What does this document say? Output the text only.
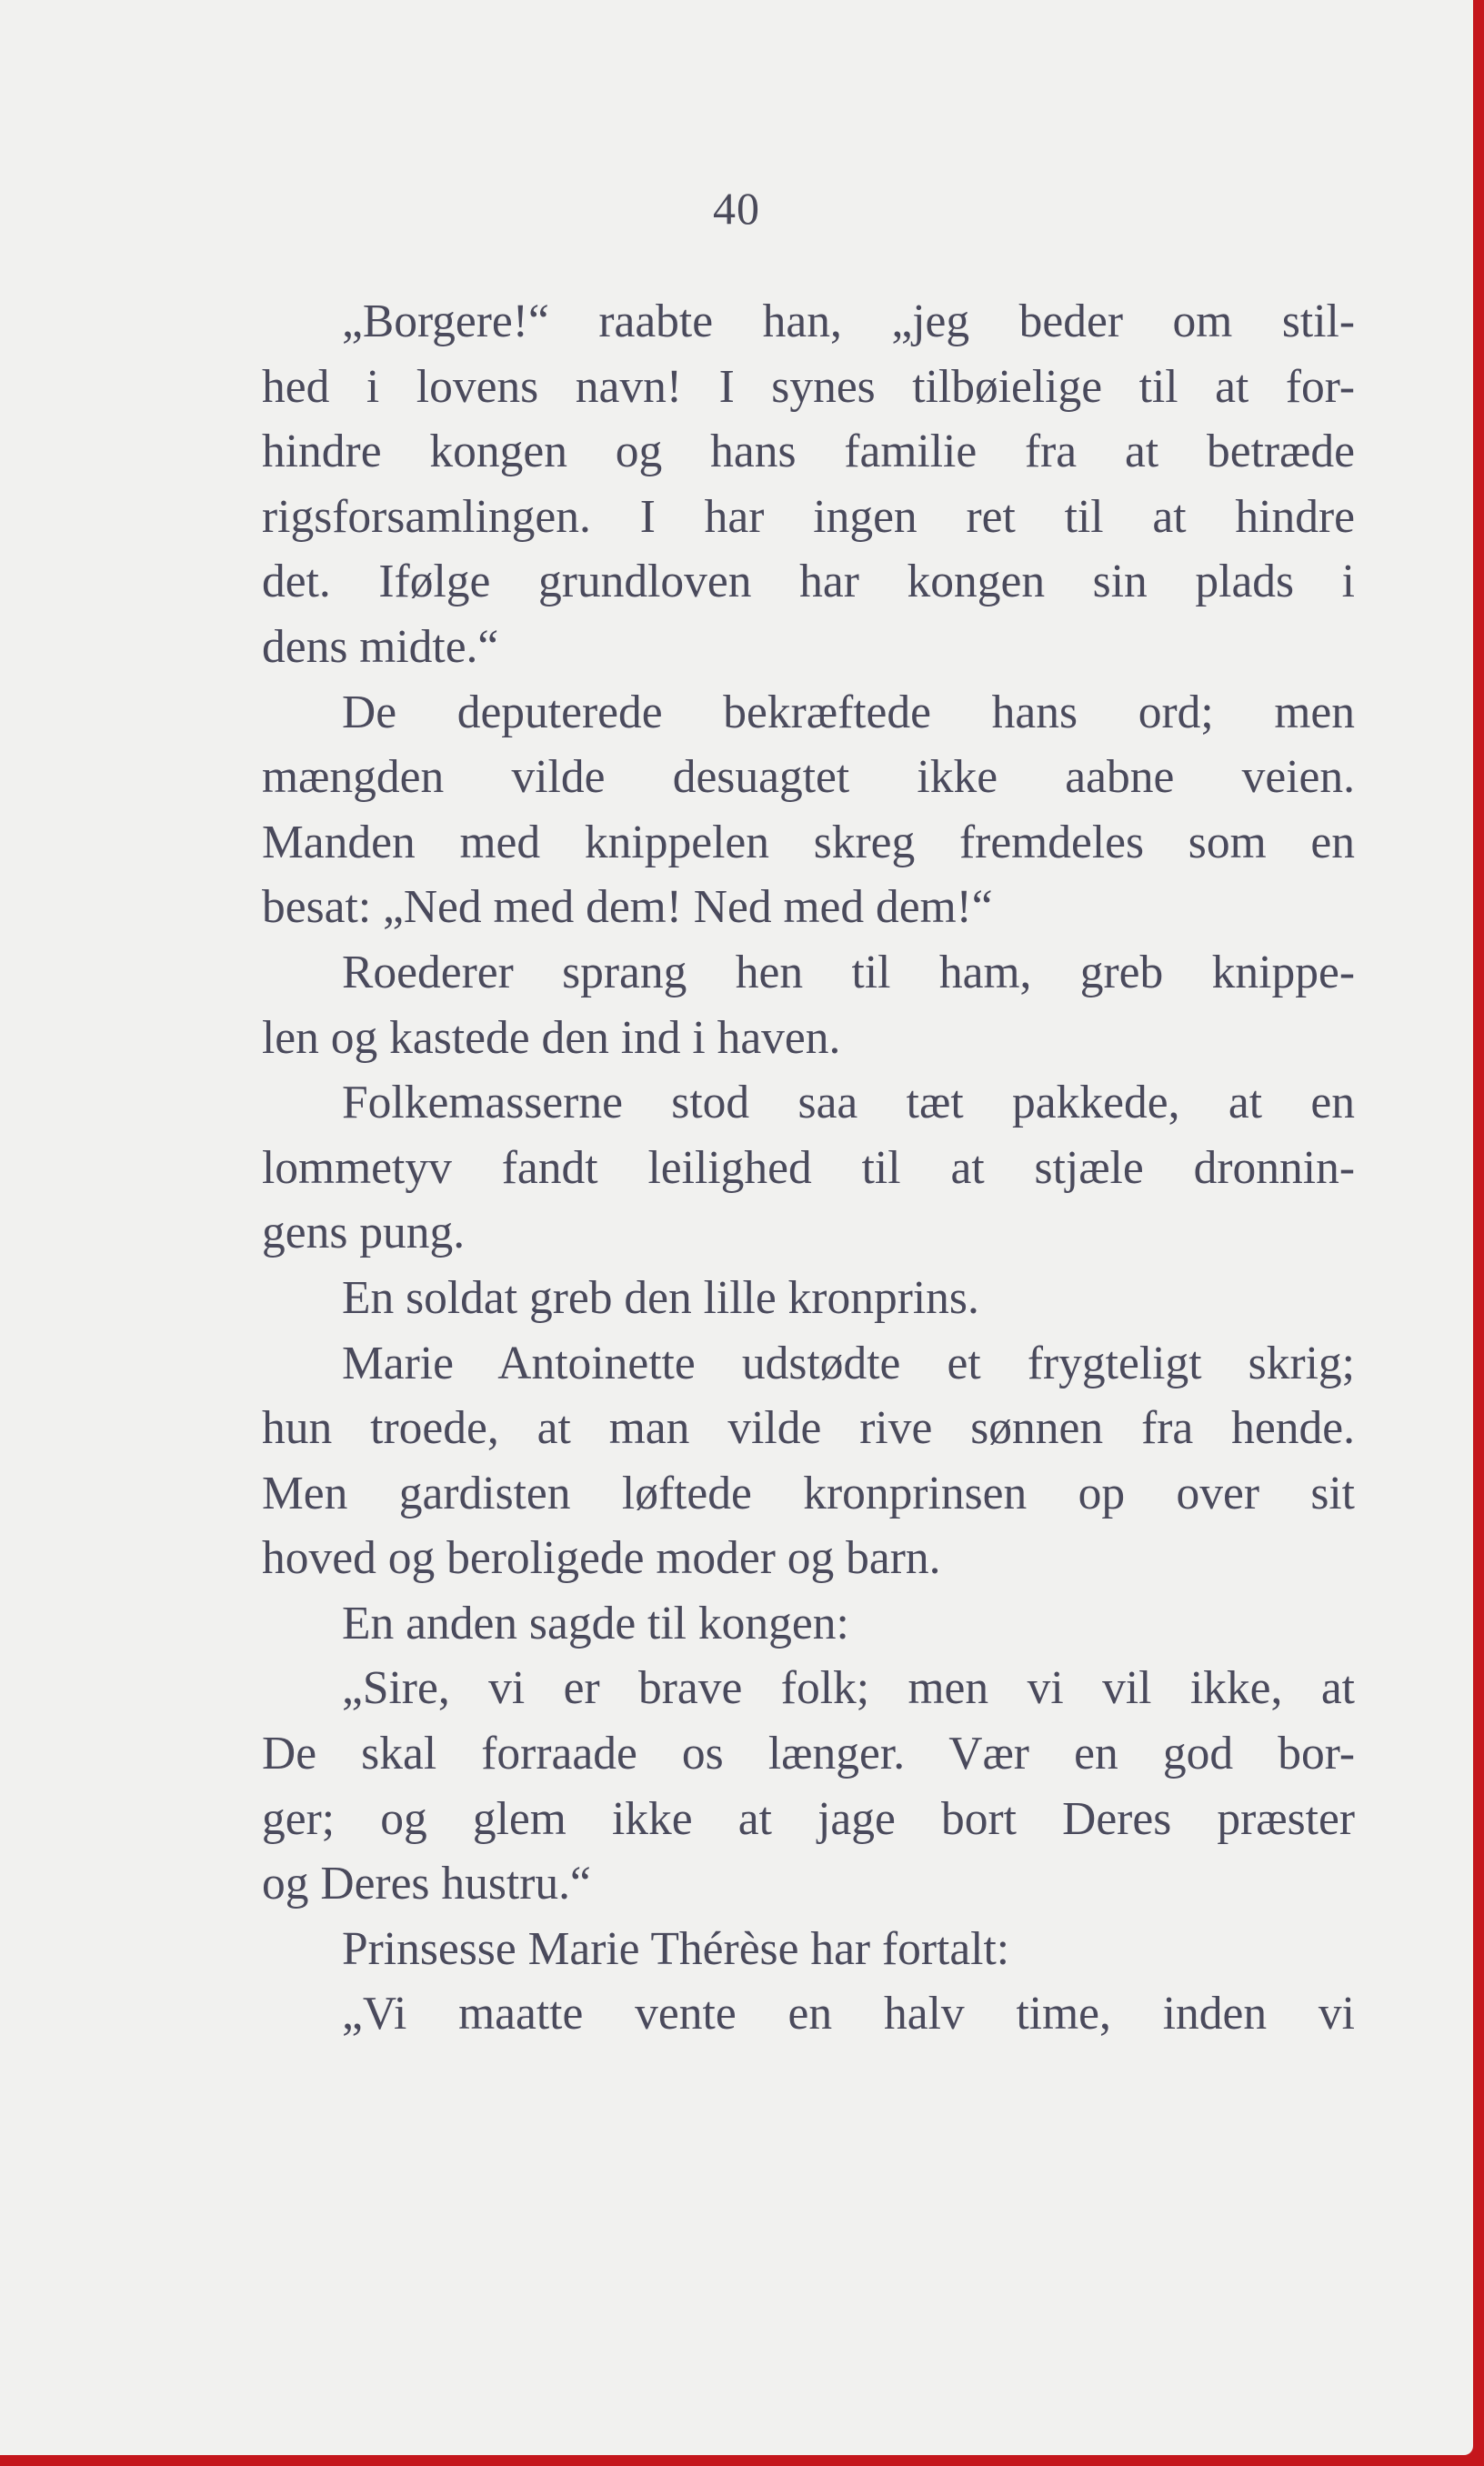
40
„Borgere!“ raabte han, „jeg beder om stil-
hed i lovens navn! I synes tilbøielige til at for-
hindre kongen og hans familie fra at betræde
rigsforsamlingen. I har ingen ret til at hindre
det. Ifølge grundloven har kongen sin plads i
dens midte.“
De deputerede bekræftede hans ord; men
mængden vilde desuagtet ikke aabne veien.
Manden med knippelen skreg fremdeles som en
besat: „Ned med dem! Ned med dem!“
Roederer sprang hen til ham, greb knippe-
len og kastede den ind i haven.
Folkemasserne stod saa tæt pakkede, at en
lommetyv fandt leilighed til at stjæle dronnin-
gens pung.
En soldat greb den lille kronprins.
Marie Antoinette udstødte et frygteligt skrig;
hun troede, at man vilde rive sønnen fra hende.
Men gardisten løftede kronprinsen op over sit
hoved og beroligede moder og barn.
En anden sagde til kongen:
„Sire, vi er brave folk; men vi vil ikke, at
De skal forraade os længer. Vær en god bor-
ger; og glem ikke at jage bort Deres præster
og Deres hustru.“
Prinsesse Marie Thérèse har fortalt:
„Vi maatte vente en halv time, inden vi
